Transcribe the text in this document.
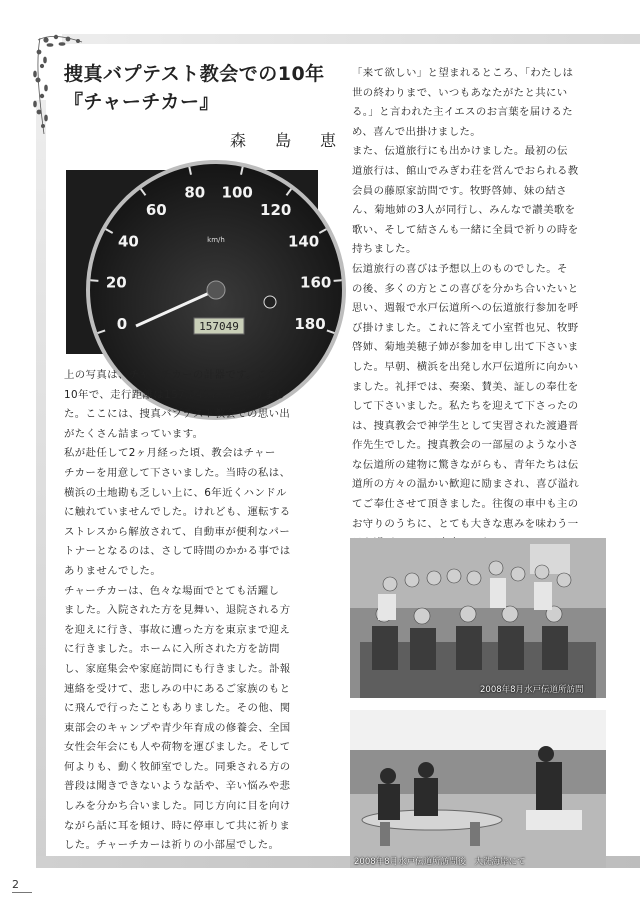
捜真バプテスト教会での10年
『チャーチカー』
森 島 恵
0
20
40
60
80 100
120
140
160
180
km/h
157049

上の写真は、チャーチカーの計器です。この
10年で、走行距離は157,049ｋｍとなりまし
た。ここには、捜真バプテスト教会での思い出
がたくさん詰まっています。

私が赴任して2ヶ月経った頃、教会はチャー
チカーを用意して下さいました。当時の私は、
横浜の土地勘も乏しい上に、6年近くハンドル
に触れていませんでした。けれども、運転する
ストレスから解放されて、自動車が便利なパー
トナーとなるのは、さして時間のかかる事では
ありませんでした。

チャーチカーは、色々な場面でとても活躍し
ました。入院された方を見舞い、退院される方
を迎えに行き、事故に遭った方を東京まで迎え
に行きました。ホームに入所された方を訪問
し、家庭集会や家庭訪問にも行きました。訃報
連絡を受けて、悲しみの中にあるご家族のもと
に飛んで行ったこともありました。その他、関
東部会のキャンプや青少年育成の修養会、全国
女性会年会にも人や荷物を運びました。そして
何よりも、動く牧師室でした。同乗される方の
普段は聞きできないような話や、辛い悩みや悲
しみを分かち合いました。同じ方向に目を向け
ながら話に耳を傾け、時に停車して共に祈りま
した。チャーチカーは祈りの小部屋でした。

「来て欲しい」と望まれるところ、「わたしは
世の終わりまで、いつもあなたがたと共にい
る。」と言われた主イエスのお言葉を届けるた
め、喜んで出掛けました。

また、伝道旅行にも出かけました。最初の伝
道旅行は、館山でみぎわ荘を営んでおられる教
会員の藤原家訪問です。牧野啓姉、妹の結さ
ん、菊地姉の3人が同行し、みんなで讃美歌を
歌い、そして結さんも一緒に全員で祈りの時を
持ちました。

伝道旅行の喜びは予想以上のものでした。そ
の後、多くの方とこの喜びを分かち合いたいと
思い、週報で水戸伝道所への伝道旅行参加を呼
び掛けました。これに答えて小室哲也兄、牧野
啓姉、菊地美穂子姉が参加を申し出て下さいま
した。早朝、横浜を出発し水戸伝道所に向かい
ました。礼拝では、奏楽、賛美、証しの奉仕を
して下さいました。私たちを迎えて下さったの
は、捜真教会で神学生として実習された渡邉晋
作先生でした。捜真教会の一部屋のような小さ
な伝道所の建物に驚きながらも、青年たちは伝
道所の方々の温かい歓迎に励まされ、喜び溢れ
てご奉仕させて頂きました。往復の車中も主の
お守りのうちに、とても大きな恵みを味わう一

2008年8月水戸伝道所訪問
2008年8月水戸伝道所訪問後　大洗海岸にて
2
